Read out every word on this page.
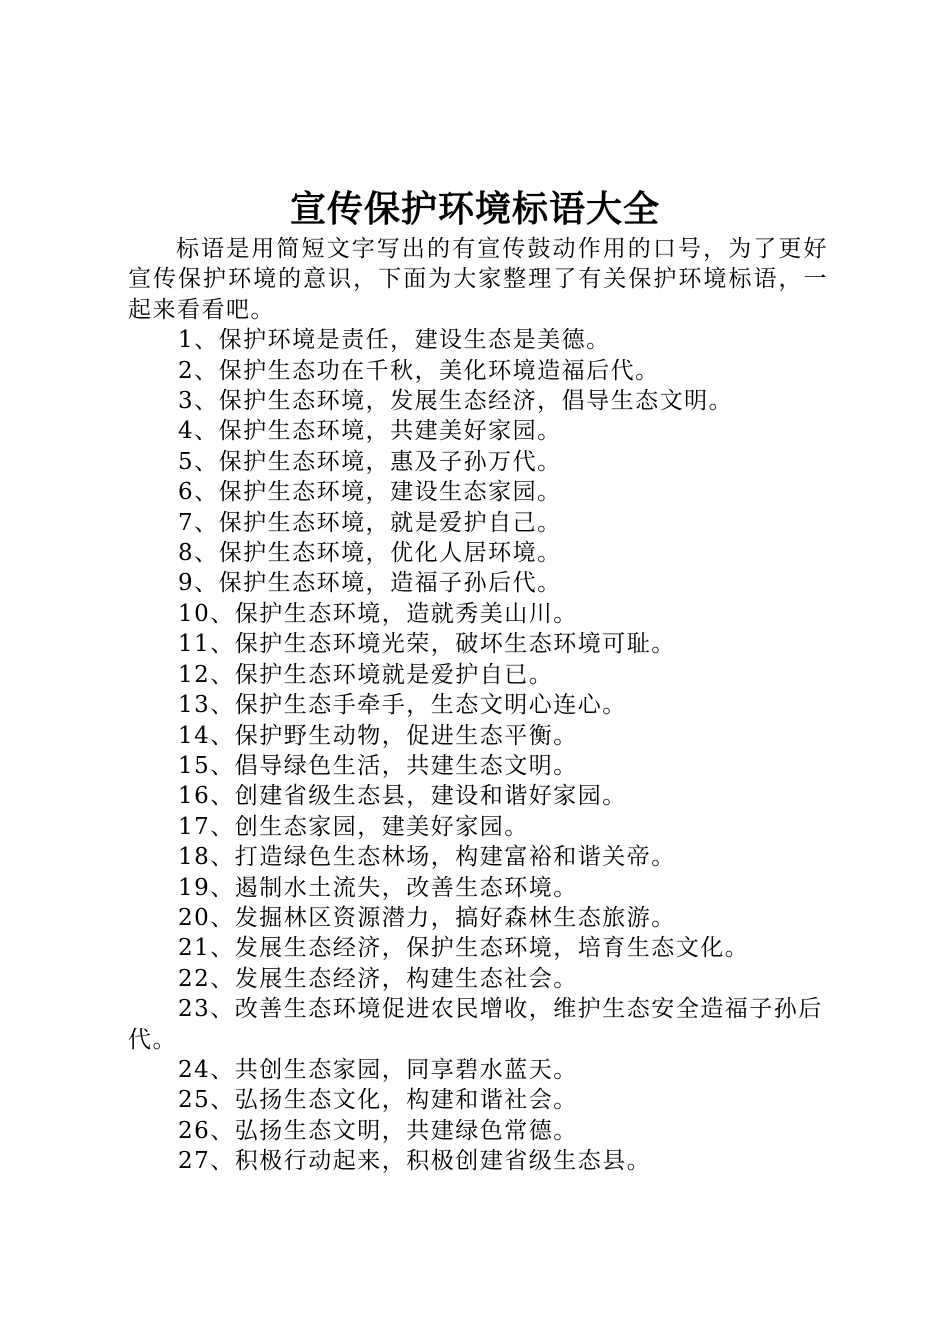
宣传保护环境标语大全

标语是用简短文字写出的有宣传鼓动作用的口号，为了更好宣传保护环境的意识，下面为大家整理了有关保护环境标语，一起来看看吧。

1、保护环境是责任，建设生态是美德。
2、保护生态功在千秋，美化环境造福后代。
3、保护生态环境，发展生态经济，倡导生态文明。
4、保护生态环境，共建美好家园。
5、保护生态环境，惠及子孙万代。
6、保护生态环境，建设生态家园。
7、保护生态环境，就是爱护自己。
8、保护生态环境，优化人居环境。
9、保护生态环境，造福子孙后代。
10、保护生态环境，造就秀美山川。
11、保护生态环境光荣，破坏生态环境可耻。
12、保护生态环境就是爱护自已。
13、保护生态手牵手，生态文明心连心。
14、保护野生动物，促进生态平衡。
15、倡导绿色生活，共建生态文明。
16、创建省级生态县，建设和谐好家园。
17、创生态家园，建美好家园。
18、打造绿色生态林场，构建富裕和谐关帝。
19、遏制水土流失，改善生态环境。
20、发掘林区资源潜力，搞好森林生态旅游。
21、发展生态经济，保护生态环境，培育生态文化。
22、发展生态经济，构建生态社会。
23、改善生态环境促进农民增收，维护生态安全造福子孙后代。
24、共创生态家园，同享碧水蓝天。
25、弘扬生态文化，构建和谐社会。
26、弘扬生态文明，共建绿色常德。
27、积极行动起来，积极创建省级生态县。
